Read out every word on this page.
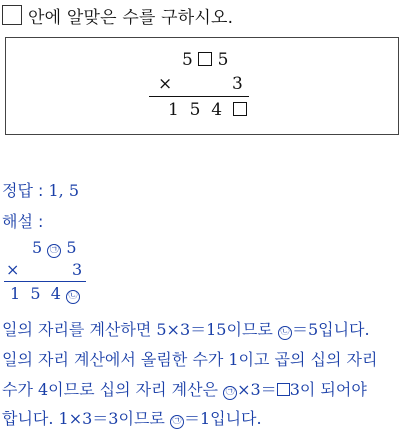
안에 알맞은 수를 구하시오.
5 5
×	3
1  5  4
정답 : 1, 5
해설 :
5 ㉠ 5
×	3
1  5  4 ㉡
일의 자리를 계산하면 5×3＝15이므로 ㉡ ＝5입니다.
일의 자리 계산에서 올림한 수가 1이고 곱의 십의 자리
수가 4이므로 십의 자리 계산은 ㉠ ×3＝ 3이 되어야
합니다. 1×3＝3이므로 ㉠ ＝1입니다.
